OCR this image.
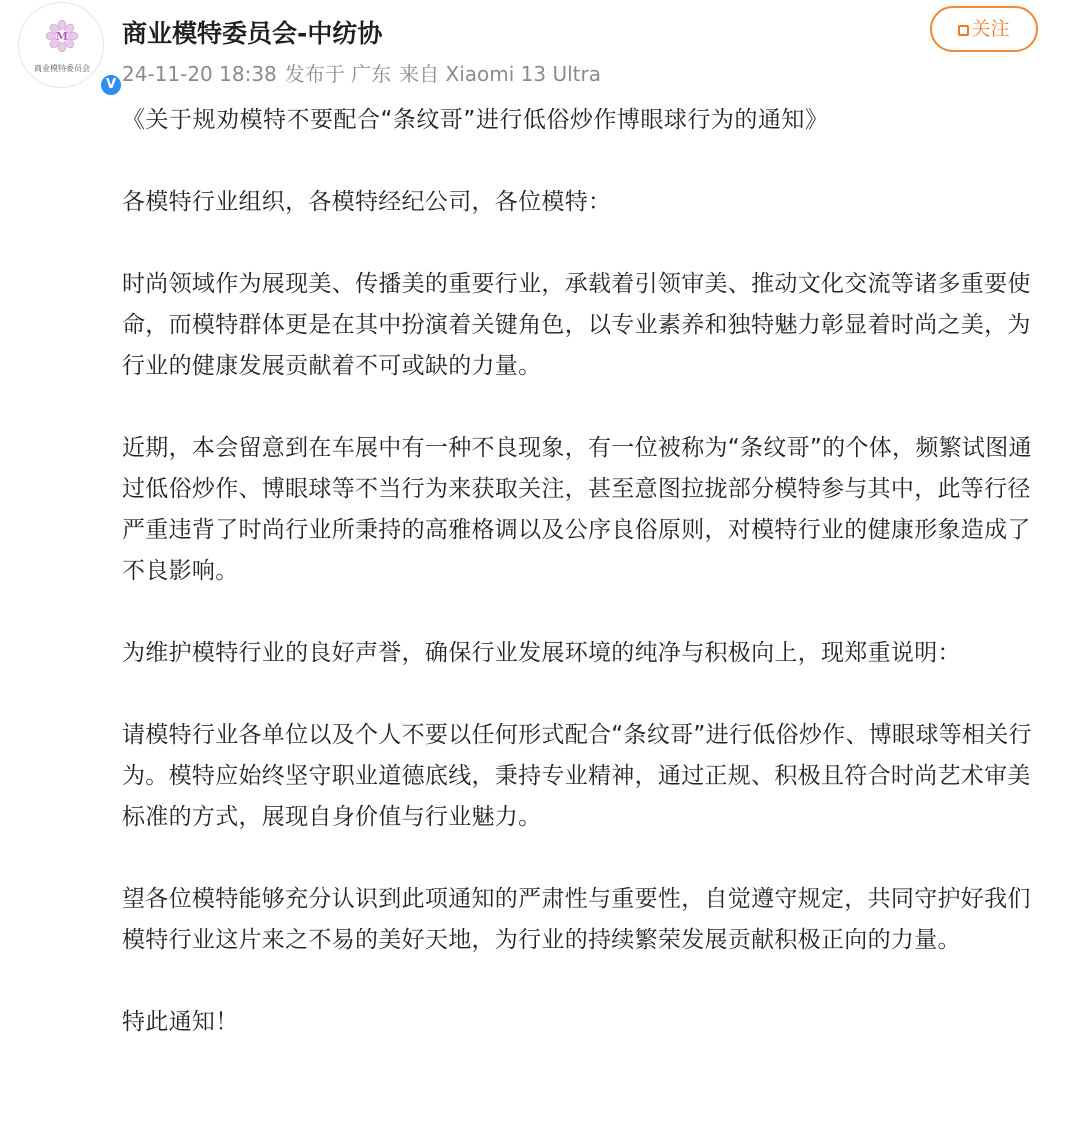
M
商业模特委员会
V
商业模特委员会-中纺协
24-11-20 18:38 发布于 广东 来自 Xiaomi 13 Ultra
关注

《关于规劝模特不要配合“条纹哥”进行低俗炒作博眼球行为的通知》

各模特行业组织，各模特经纪公司，各位模特：

时尚领域作为展现美、传播美的重要行业，承载着引领审美、推动文化交流等诸多重要使命，而模特群体更是在其中扮演着关键角色，以专业素养和独特魅力彰显着时尚之美，为行业的健康发展贡献着不可或缺的力量。

近期，本会留意到在车展中有一种不良现象，有一位被称为“条纹哥”的个体，频繁试图通过低俗炒作、博眼球等不当行为来获取关注，甚至意图拉拢部分模特参与其中，此等行径严重违背了时尚行业所秉持的高雅格调以及公序良俗原则，对模特行业的健康形象造成了不良影响。

为维护模特行业的良好声誉，确保行业发展环境的纯净与积极向上，现郑重说明：

请模特行业各单位以及个人不要以任何形式配合“条纹哥”进行低俗炒作、博眼球等相关行为。模特应始终坚守职业道德底线，秉持专业精神，通过正规、积极且符合时尚艺术审美标准的方式，展现自身价值与行业魅力。

望各位模特能够充分认识到此项通知的严肃性与重要性，自觉遵守规定，共同守护好我们模特行业这片来之不易的美好天地，为行业的持续繁荣发展贡献积极正向的力量。

特此通知！
